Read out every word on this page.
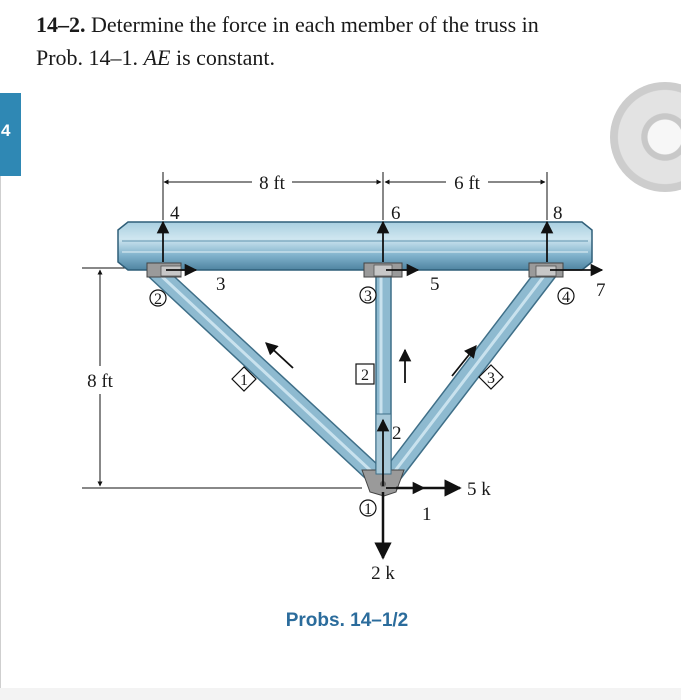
14–2. Determine the force in each member of the truss in
Prob. 14–1. AE is constant.
4
8 ft	6 ft
8 ft
5 k
2 k
4
3
6
5
8
7
2
1
2	3	4
1
1	2	3
Probs. 14–1/2
